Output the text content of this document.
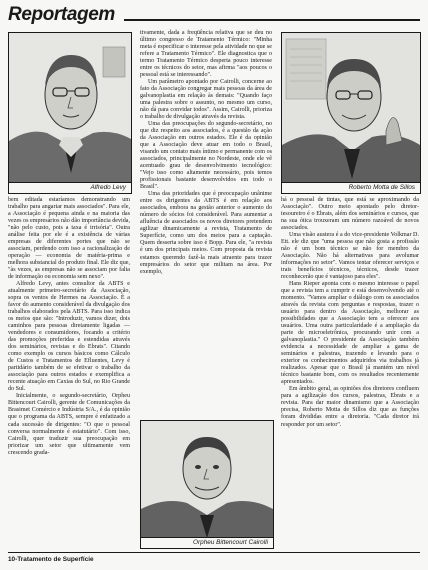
Reportagem
Alfredo Levy	Roberto Motta de Sillos

bem editada estaríamos demonstrando um trabalho para angariar mais associados". Para ele, a Associação é pequena ainda e na maioria das vezes os empresários não dão importância devida, "não pelo custo, pois a taxa é irrisória". Outra análise feita por ele é a existência de várias empresas de diferentes portes que não se associam, perdendo com isso a racionalização de operação — economia de matéria-prima e melhora substancial do produto final. Ele diz que, "às vezes, as empresas não se associam por falta de informação ou economia sem nexo".

Alfredo Levy, antes consultor da ABTS e atualmente primeiro-secretário da Associação, sopra os ventos de Hermes na Associação. É a favor do aumento considerável da divulgação dos trabalhos elaborados pela ABTS. Para isso indica os meios que são: "Introduzir, vamos dizer, dois caminhos para pessoas diretamente ligadas — vendedores e consumidores, focando a critério das promoções preferidas e estendidas através dos seminários, revistas e do Ebrats". Citando como exemplo os cursos básicos como Cálculo de Custos e Tratamentos de Efluentes, Levy é partidário também de se efetivar o trabalho da associação para outros estados e exemplifica a recente atuação em Caxias do Sul, no Rio Grande do Sul.

Inicialmente, o segundo-secretário, Orpheu Bittencourt Cairolli, gerente de Comunicações da Brasimet Comércio e Indústria S/A., é da opinião que o programa da ABTS, sempre é enfatizado a cada sucessão de dirigentes: "O que o pessoal conversa normalmente é estatutário". Com isso, Cairolli, quer traduzir sua preocupação em priorizar um setor que ultimamente vem crescendo grada-

tivamente, dada a freqüência relativa que se deu no último congresso de Tratamento Térmico: "Minha meta é especificar o interesse pela atividade no que se refere a Tratamento Térmico". Ele diagnostica que o termo Tratamento Térmico desperta pouco interesse entre os técnicos do setor, mas afirma "aos poucos o pessoal está se interessando".

Um parâmetro apontado por Cairolli, concerne ao fato da Associação congregar mais pessoas da área de galvanoplastia em relação às demais: "Quando faço uma palestra sobre o assunto, no mesmo um curso, não dá para convidar todos". Assim, Cairolli, prioriza o trabalho de divulgação através da revista.

Uma das preocupações do segundo-secretário, no que diz respeito aos associados, é a questão da ação da Associação em outros estados. Ele é da opinião que a Associação deve atuar em todo o Brasil, visando um contato mais íntimo e permanente com os associados, principalmente no Nordeste, onde ele vê acentuado grau de desenvolvimento tecnológico: "Vejo isso como altamente necessário, pois temos profissionais bastante desenvolvidos em todo o Brasil".

Uma das prioridades que é preocupação unânime entre os dirigentes da ABTS é em relação aos associados, embora na gestão anterior o aumento do número de sócios foi considerável. Para aumentar a afluência de associados os novos diretores pretendem agilizar dinamicamente a revista, Tratamento de Superfície, como um dos meios para a captação. Quem desserta sobre isso é Bopp. Para ele, "a revista é um dos principais meios. Com proposta da revista estamos querendo fazê-la mais atraente para trazer empresários do setor que militam na área. Por exemplo,

Orpheu Bittencourt Cairolli

há o pessoal de tintas, que está se aproximando da Associação". Outro meio apontado pelo diretor-tesoureiro é o Ebrats, além dos seminários e cursos, que na sua ótica trouxeram um número razoável de novos associados.

Uma visão austera é a do vice-presidente Volkmar D. Ett. ele diz que "uma pessoa que não gosta a profissão não é um bom técnico se não for membro da Associação. Não há alternativas para avolumar informações no setor". Vamos tentar oferecer serviços e trais benefícios técnicos, técnicos, desde trazer reconhecerão que é vantajoso para eles".

Hans Rieper aponta com o mesmo interesse o papel que a revista tem a cumprir e está desenvolvendo até o momento. "Vamos ampliar o diálogo com os associados através da revista com perguntas e respostas, trazer o usuário para dentro da Associação, melhorar as possibilidades que a Associação tem a oferecer aos usuários. Uma outra particularidade é a ampliação da parte de microeletrônica, procurando unir com a galvanoplastia." O presidente da Associação também evidencia a necessidade de ampliar a gama de seminários e palestras, trazendo e levando para o exterior os conhecimentos adquiridos via trabalhos já realizados. Apesar que o Brasil já mantém um nível técnico bastante bom, com os resultados recentemente apresentados.

Em âmbito geral, as opiniões dos diretores confluem para a agilização dos cursos, palestras, Ebrats e a revista. Para dar maior dinamismo que a Associação precisa, Roberto Motta de Sillos diz que as funções foram divididas entre a diretoria. "Cada diretor irá responder por um setor".

10-Tratamento de Superfície
